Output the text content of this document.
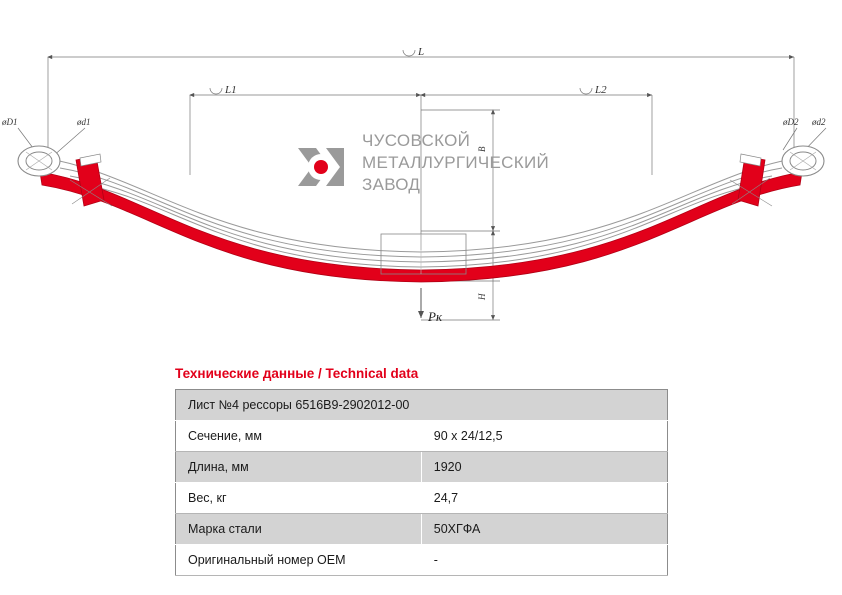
L
L1	L2
øD1	ød1	øD2 ød2
B
H
Pк
ЧУСОВСКОЙ
МЕТАЛЛУРГИЧЕСКИЙ
ЗАВОД
Технические данные / Technical data
Лист №4 рессоры 6516В9-2902012-00	
Сечение, мм	90 х 24/12,5
Длина, мм	1920
Вес, кг	24,7
Марка стали	50ХГФА
Оригинальный номер ОЕМ	-
